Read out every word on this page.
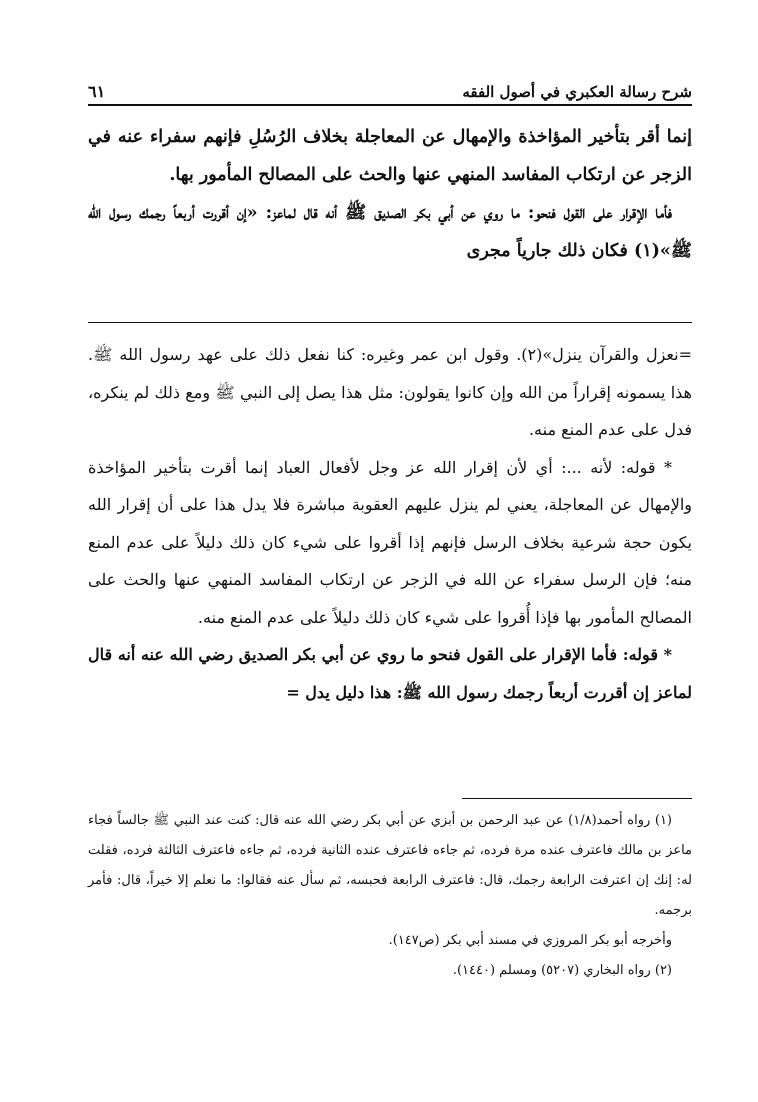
شرح رسالة العكبري في أصول الفقه
٦١

إنما أقر بتأخير المؤاخذة والإمهال عن المعاجلة بخلاف الرُسُلِ فإنهم سفراء عنه في الزجر عن ارتكاب المفاسد المنهي عنها والحث على المصالح المأمور بها.

فأما الإقرار على القول فنحو: ما روي عن أبي بكر الصديق ﷺ أنه قال لماعز: «إن أقررت أربعاً رجمك رسول الله ﷺ»(١) فكان ذلك جارياً مجرى

=نعزل والقرآن ينزل»(٢). وقول ابن عمر وغيره: كنا نفعل ذلك على عهد رسول الله ﷺ. هذا يسمونه إقراراً من الله وإن كانوا يقولون: مثل هذا يصل إلى النبي ﷺ ومع ذلك لم ينكره، فدل على عدم المنع منه.

* قوله: لأنه ...: أي لأن إقرار الله عز وجل لأفعال العباد إنما أقرت بتأخير المؤاخذة والإمهال عن المعاجلة، يعني لم ينزل عليهم العقوبة مباشرة فلا يدل هذا على أن إقرار الله يكون حجة شرعية بخلاف الرسل فإنهم إذا أقروا على شيء كان ذلك دليلاً على عدم المنع منه؛ فإن الرسل سفراء عن الله في الزجر عن ارتكاب المفاسد المنهي عنها والحث على المصالح المأمور بها فإذا أُقروا على شيء كان ذلك دليلاً على عدم المنع منه.

* قوله: فأما الإقرار على القول فنحو ما روي عن أبي بكر الصديق رضي الله عنه أنه قال لماعز إن أقررت أربعاً رجمك رسول الله ﷺ: هذا دليل يدل =

(١) رواه أحمد(١/٨) عن عبد الرحمن بن أبزي عن أبي بكر رضي الله عنه قال: كنت عند النبي ﷺ جالساً فجاء ماعز بن مالك فاعترف عنده مرة فرده، ثم جاءه فاعترف عنده الثانية فرده، ثم جاءه فاعترف الثالثة فرده، فقلت له: إنك إن اعترفت الرابعة رجمك، قال: فاعترف الرابعة فحبسه، ثم سأل عنه فقالوا: ما نعلم إلا خيراً، قال: فأمر برجمه.

وأخرجه أبو بكر المروزي في مسند أبي بكر (ص١٤٧).

(٢) رواه البخاري (٥٢٠٧) ومسلم (١٤٤٠).
